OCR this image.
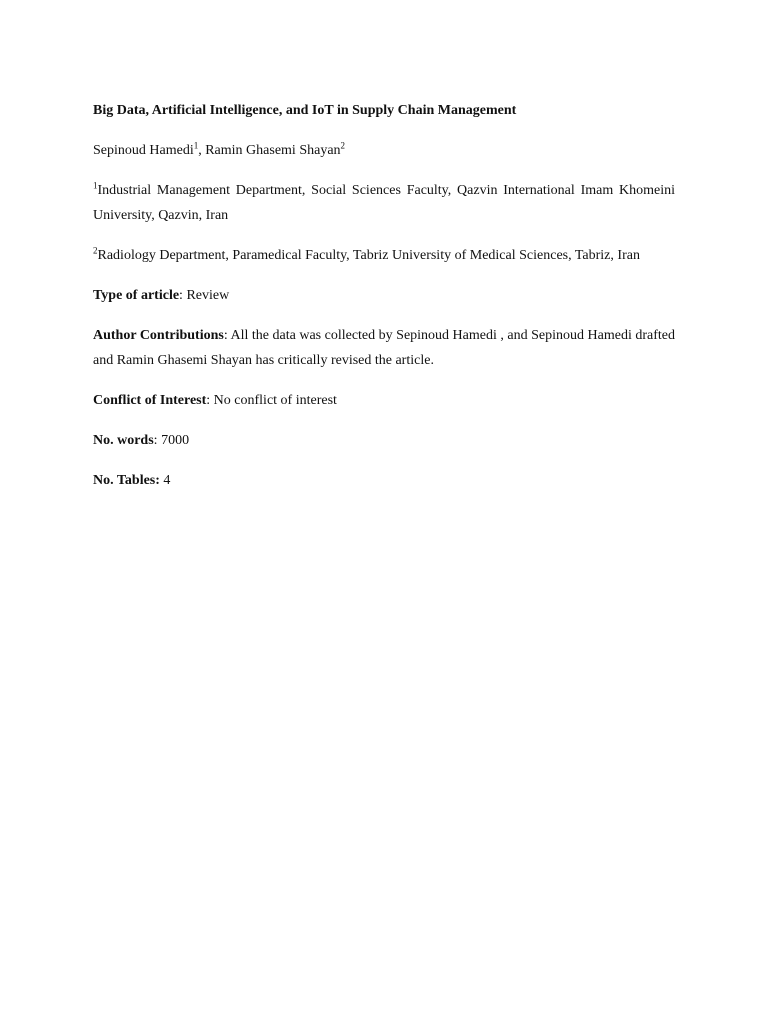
Big Data, Artificial Intelligence, and IoT in Supply Chain Management

Sepinoud Hamedi$^1$, Ramin Ghasemi Shayan$^2$

$^1$Industrial Management Department, Social Sciences Faculty, Qazvin International Imam Khomeini University, Qazvin, Iran

$^2$Radiology Department, Paramedical Faculty, Tabriz University of Medical Sciences, Tabriz, Iran

Type of article: Review

Author Contributions: All the data was collected by Sepinoud Hamedi , and Sepinoud Hamedi drafted and Ramin Ghasemi Shayan has critically revised the article.

Conflict of Interest: No conflict of interest

No. words: 7000

No. Tables: 4
